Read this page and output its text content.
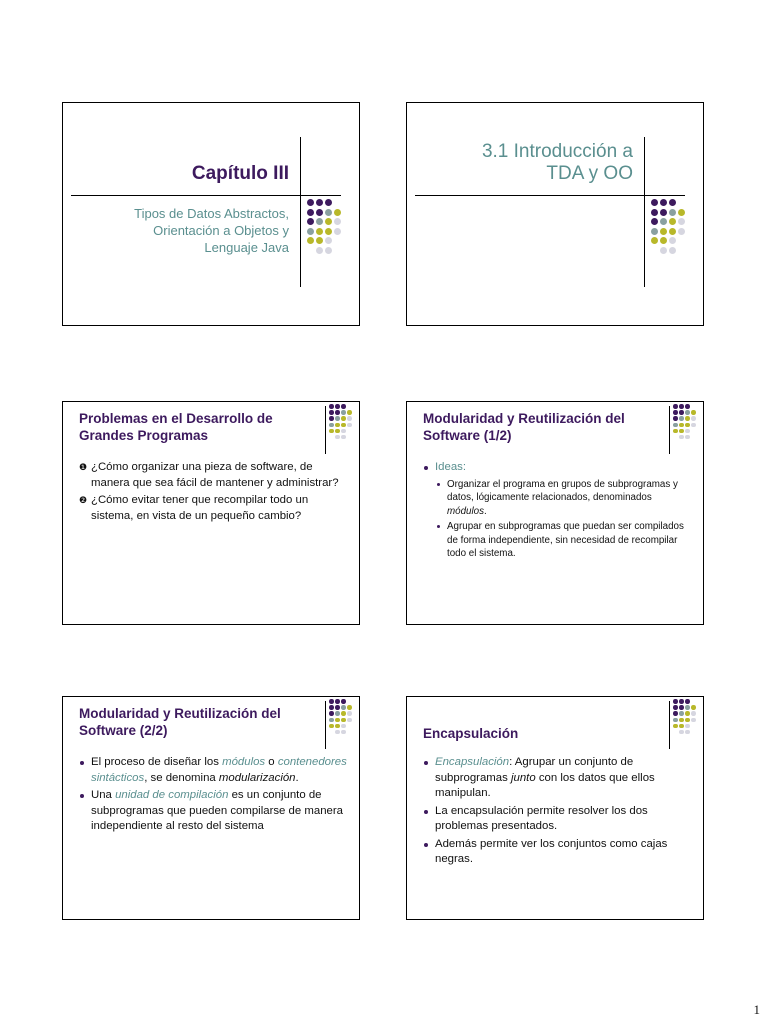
Capítulo III
Tipos de Datos Abstractos,
Orientación a Objetos y
Lenguaje Java
3.1 Introducción a
TDA y OO
Problemas en el Desarrollo de Grandes Programas
❶ ¿Cómo organizar una pieza de software, de manera que sea fácil de mantener y administrar?
❷ ¿Cómo evitar tener que recompilar todo un sistema, en vista de un pequeño cambio?
Modularidad y Reutilización del Software (1/2)
Ideas:
Organizar el programa en grupos de subprogramas y datos, lógicamente relacionados, denominados módulos.
Agrupar en subprogramas que puedan ser compilados de forma independiente, sin necesidad de recompilar todo el sistema.
Modularidad y Reutilización del Software (2/2)
El proceso de diseñar los módulos o contenedores sintácticos, se denomina modularización.
Una unidad de compilación es un conjunto de subprogramas que pueden compilarse de manera independiente al resto del sistema
Encapsulación
Encapsulación: Agrupar un conjunto de subprogramas junto con los datos que ellos manipulan.
La encapsulación permite resolver los dos problemas presentados.
Además permite ver los conjuntos como cajas negras.
1
